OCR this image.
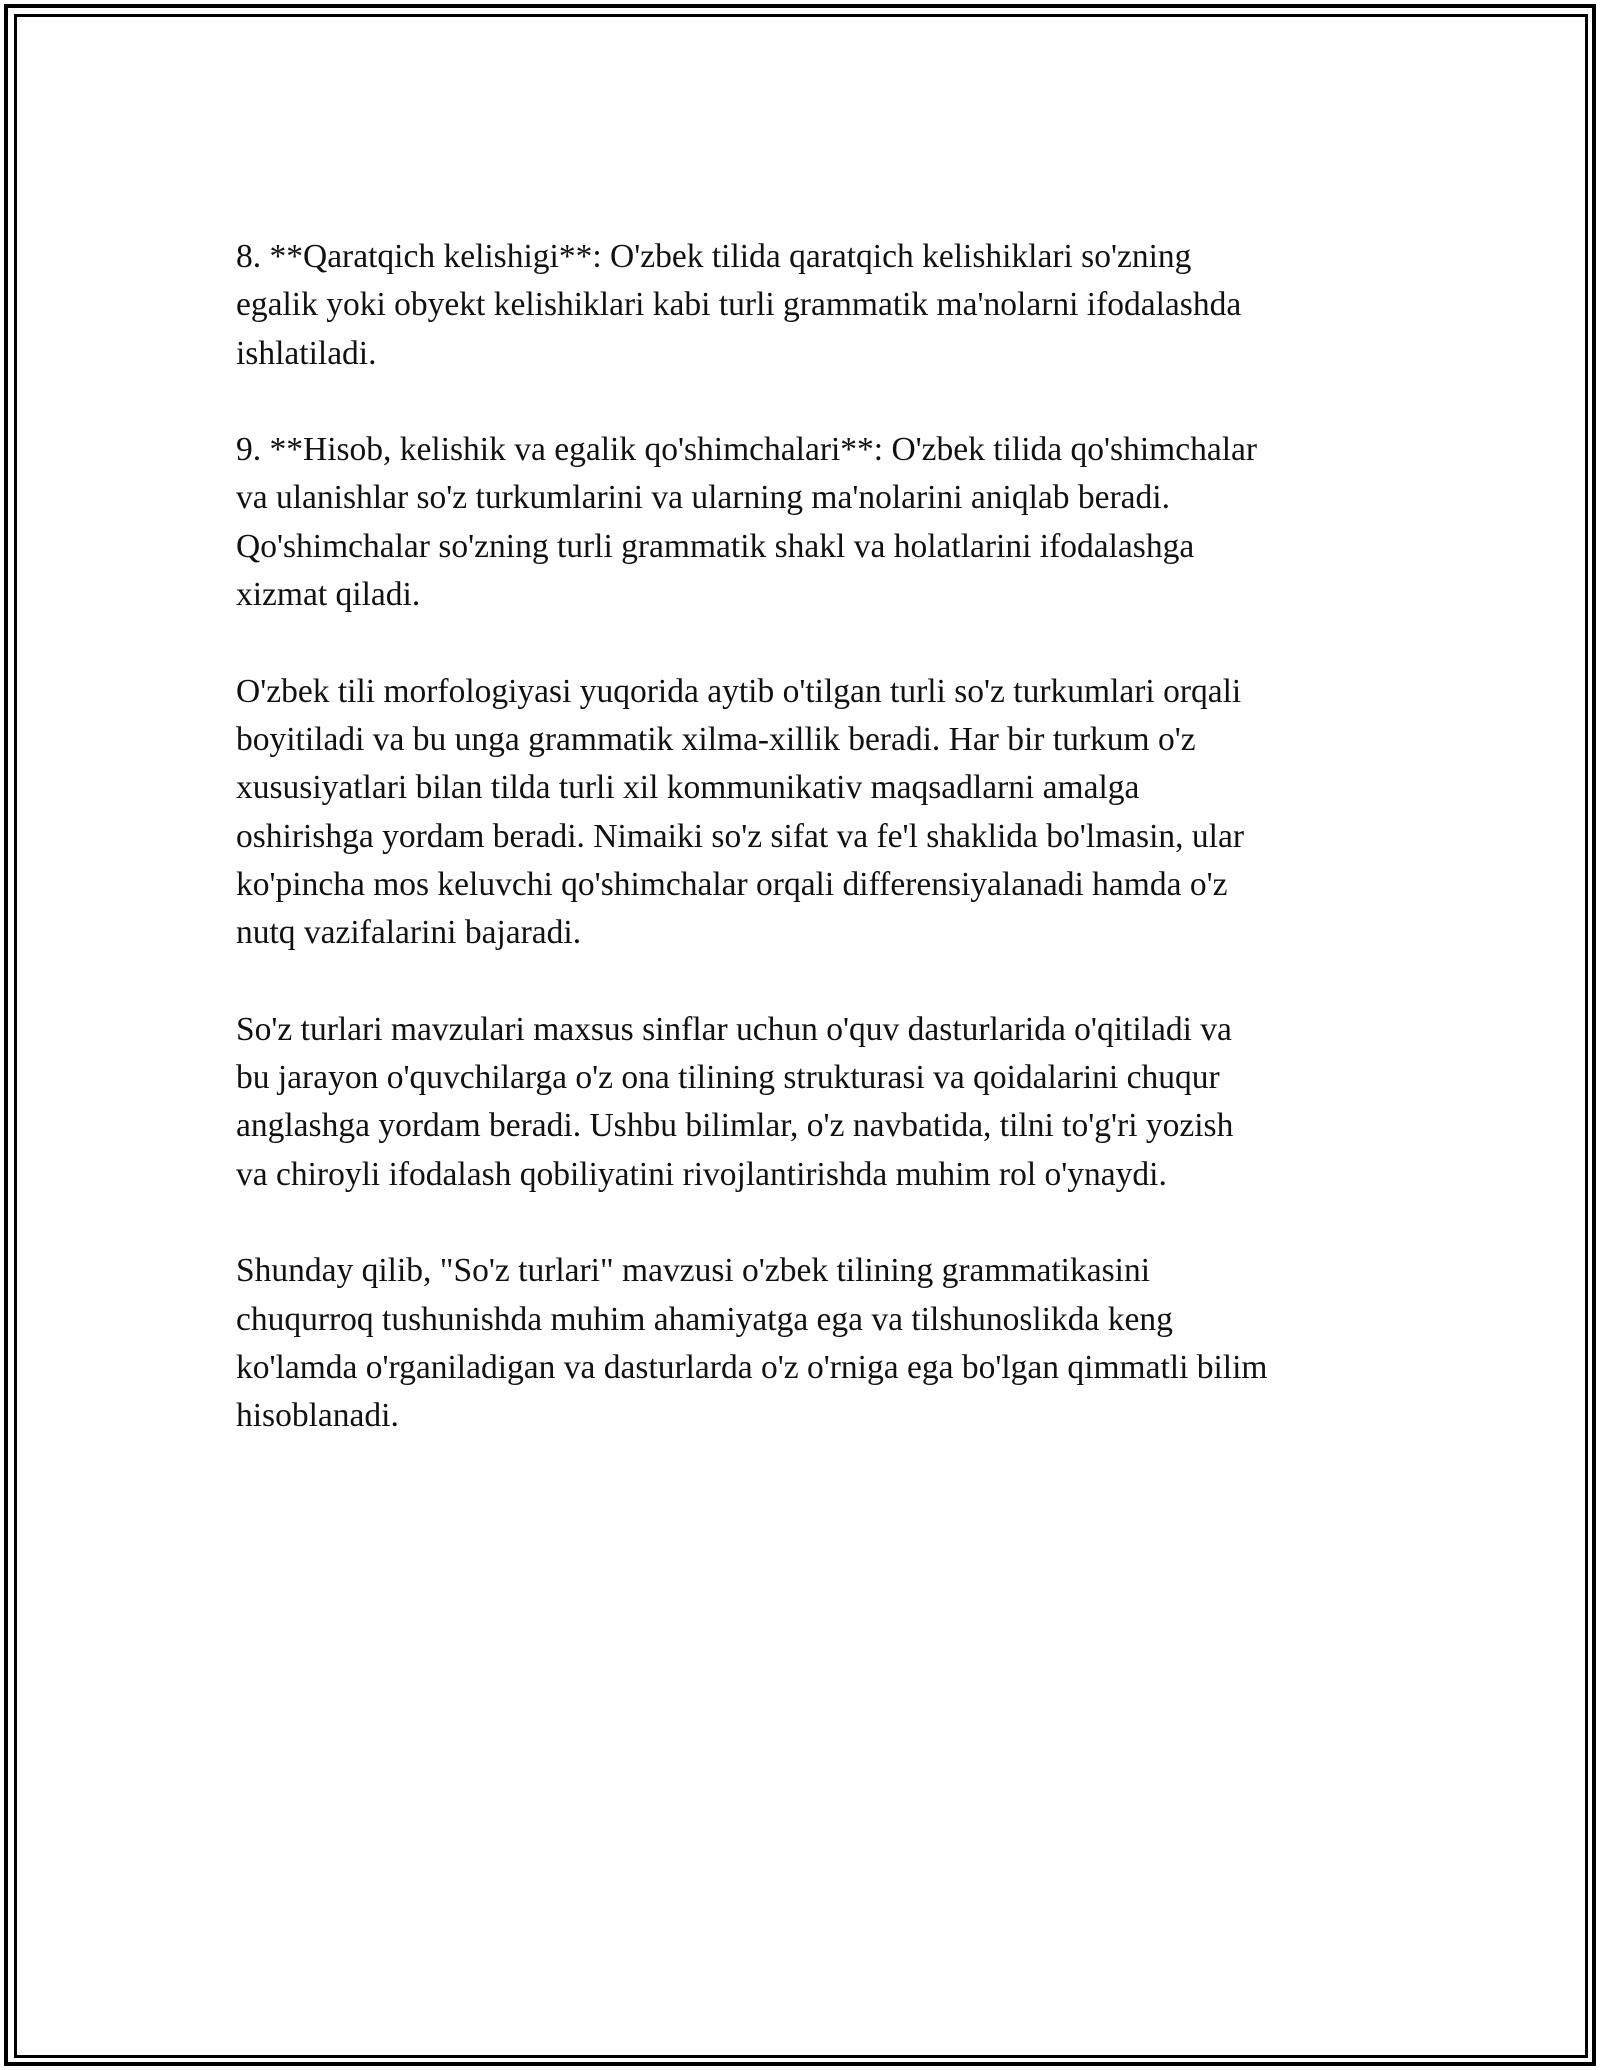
8. **Qaratqich kelishigi**: O'zbek tilida qaratqich kelishiklari so'zning
egalik yoki obyekt kelishiklari kabi turli grammatik ma'nolarni ifodalashda
ishlatiladi.

9. **Hisob, kelishik va egalik qo'shimchalari**: O'zbek tilida qo'shimchalar
va ulanishlar so'z turkumlarini va ularning ma'nolarini aniqlab beradi.
Qo'shimchalar so'zning turli grammatik shakl va holatlarini ifodalashga
xizmat qiladi.

O'zbek tili morfologiyasi yuqorida aytib o'tilgan turli so'z turkumlari orqali
boyitiladi va bu unga grammatik xilma-xillik beradi. Har bir turkum o'z
xususiyatlari bilan tilda turli xil kommunikativ maqsadlarni amalga
oshirishga yordam beradi. Nimaiki so'z sifat va fe'l shaklida bo'lmasin, ular
ko'pincha mos keluvchi qo'shimchalar orqali differensiyalanadi hamda o'z
nutq vazifalarini bajaradi.

So'z turlari mavzulari maxsus sinflar uchun o'quv dasturlarida o'qitiladi va
bu jarayon o'quvchilarga o'z ona tilining strukturasi va qoidalarini chuqur
anglashga yordam beradi. Ushbu bilimlar, o'z navbatida, tilni to'g'ri yozish
va chiroyli ifodalash qobiliyatini rivojlantirishda muhim rol o'ynaydi.

Shunday qilib, "So'z turlari" mavzusi o'zbek tilining grammatikasini
chuqurroq tushunishda muhim ahamiyatga ega va tilshunoslikda keng
ko'lamda o'rganiladigan va dasturlarda o'z o'rniga ega bo'lgan qimmatli bilim
hisoblanadi.
